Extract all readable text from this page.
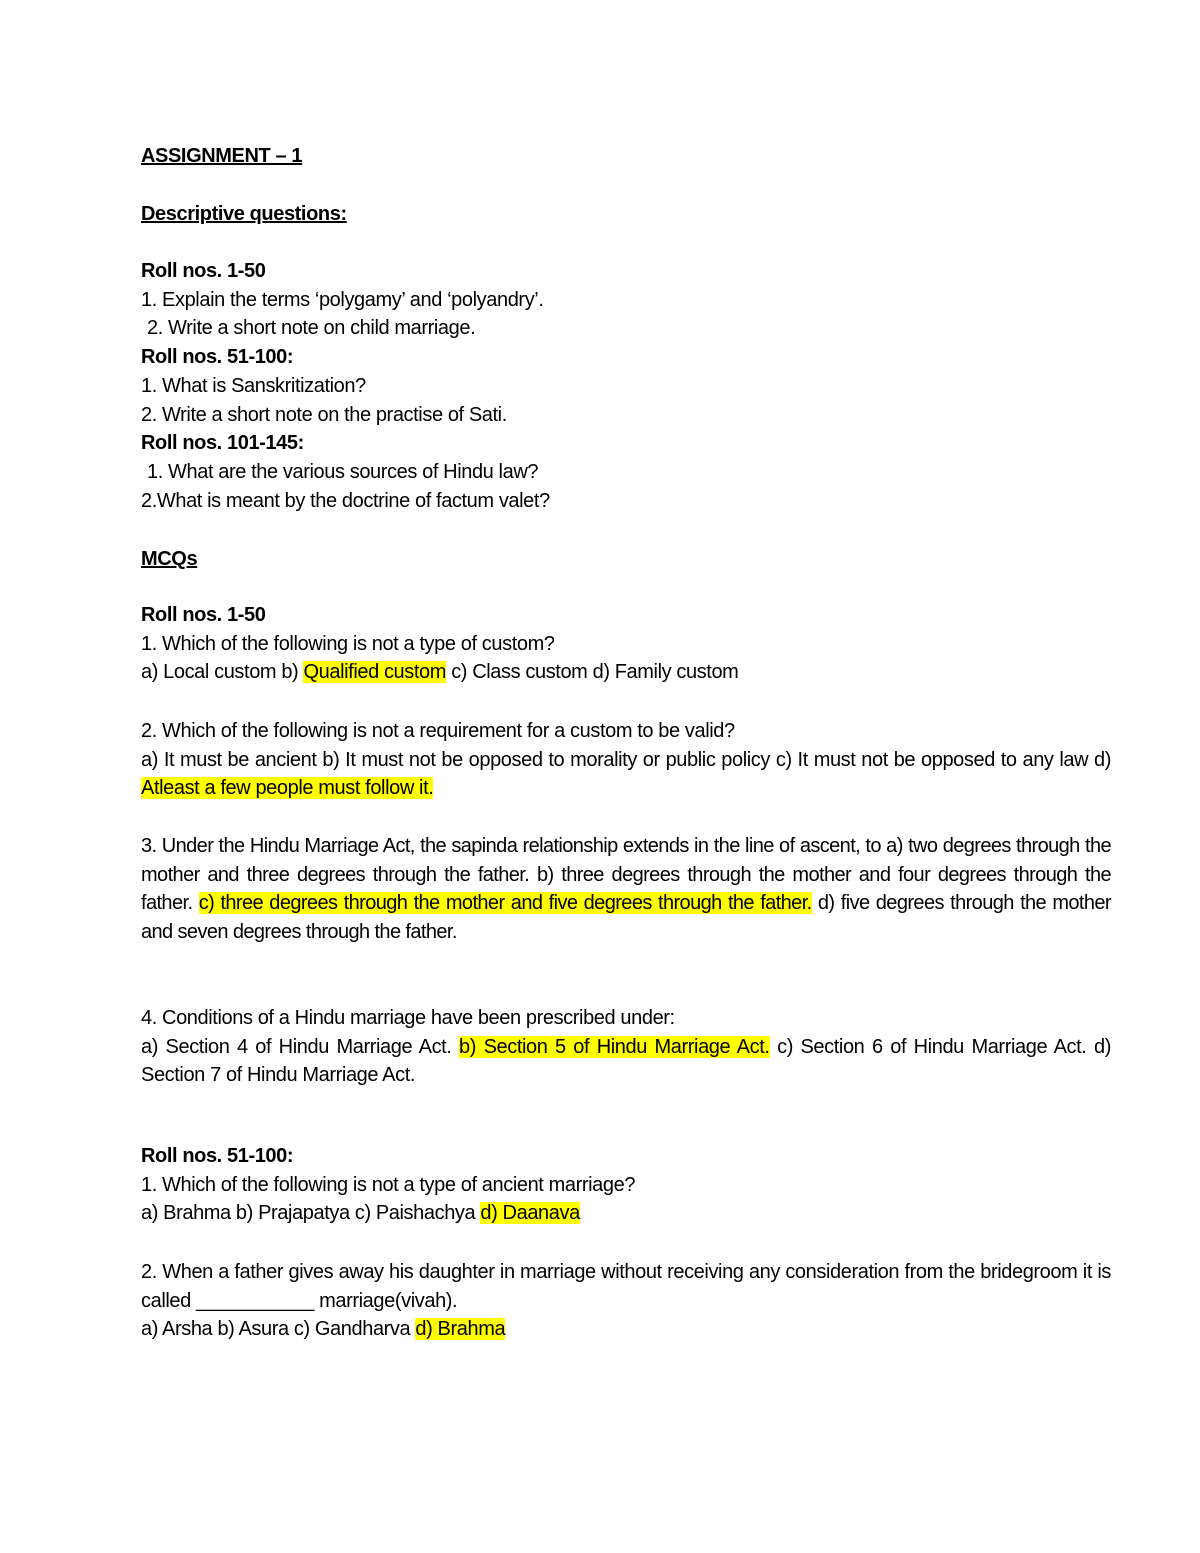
ASSIGNMENT – 1
Descriptive questions:
Roll nos. 1-50
1. Explain the terms ‘polygamy’ and ‘polyandry’.
2. Write a short note on child marriage.
Roll nos. 51-100:
1. What is Sanskritization?
2. Write a short note on the practise of Sati.
Roll nos. 101-145:
1. What are the various sources of Hindu law?
2.What is meant by the doctrine of factum valet?
MCQs
Roll nos. 1-50
1. Which of the following is not a type of custom?
a) Local custom b) Qualified custom c) Class custom d) Family custom
2. Which of the following is not a requirement for a custom to be valid?
a) It must be ancient b) It must not be opposed to morality or public policy c) It must not be opposed to any law d) Atleast a few people must follow it.
3. Under the Hindu Marriage Act, the sapinda relationship extends in the line of ascent, to a) two degrees through the mother and three degrees through the father. b) three degrees through the mother and four degrees through the father. c) three degrees through the mother and five degrees through the father. d) five degrees through the mother and seven degrees through the father.
4. Conditions of a Hindu marriage have been prescribed under:
a) Section 4 of Hindu Marriage Act. b) Section 5 of Hindu Marriage Act. c) Section 6 of Hindu Marriage Act. d) Section 7 of Hindu Marriage Act.
Roll nos. 51-100:
1. Which of the following is not a type of ancient marriage?
a) Brahma b) Prajapatya c) Paishachya d) Daanava
2. When a father gives away his daughter in marriage without receiving any consideration from the bridegroom it is called ___________ marriage(vivah).
a) Arsha b) Asura c) Gandharva d) Brahma
